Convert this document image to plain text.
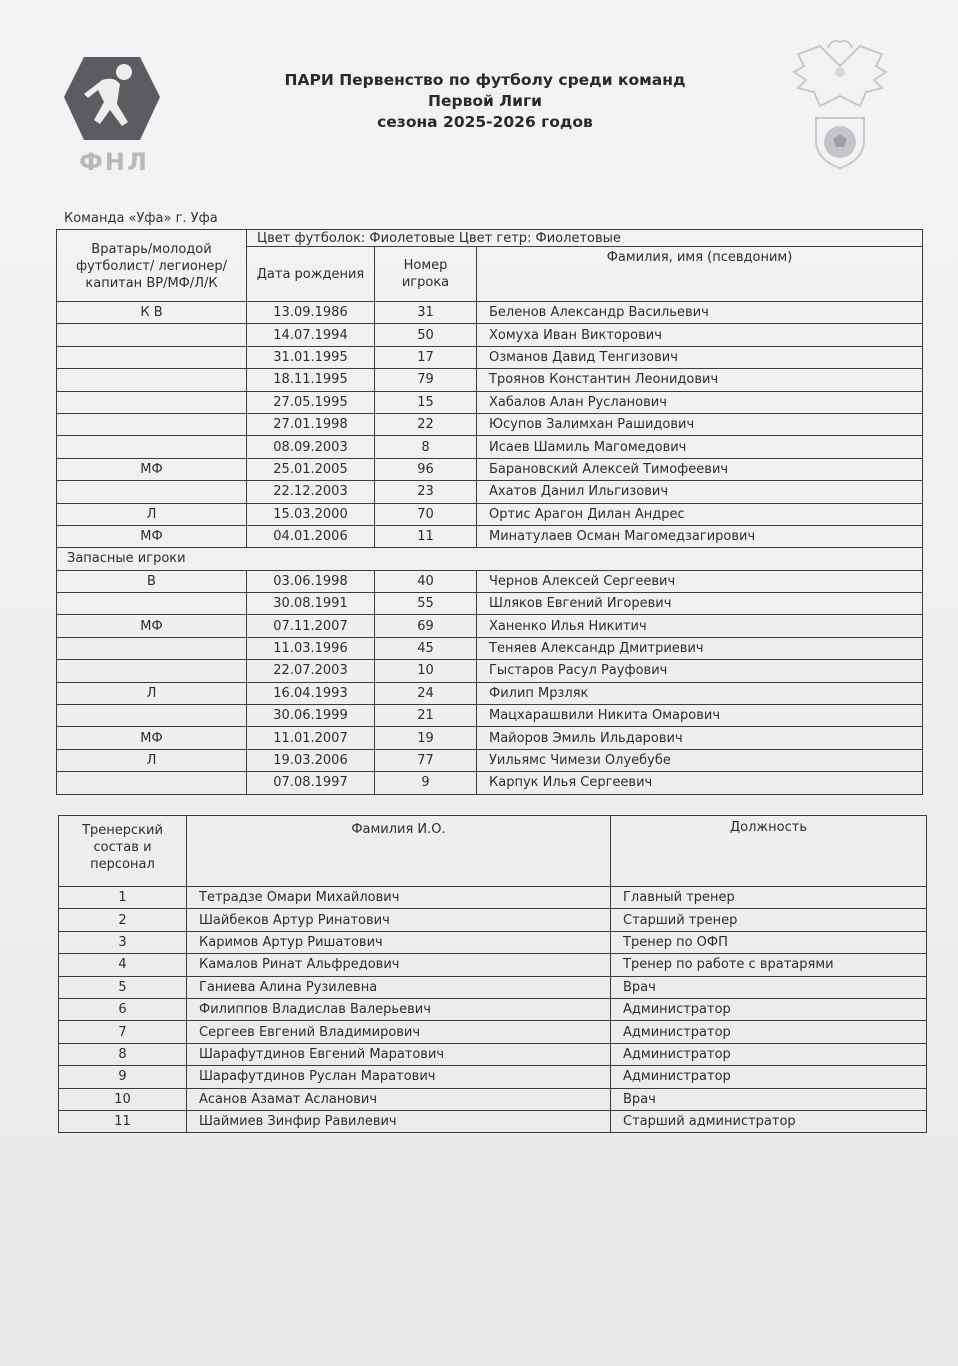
ФНЛ
ПАРИ Первенство по футболу среди команд
Первой Лиги
сезона 2025-2026 годов
Команда «Уфа» г. Уфа
Вратарь/молодой футболист/ легионер/капитан ВР/МФ/Л/К	Цвет футболок: Фиолетовые Цвет гетр: Фиолетовые		
	Дата рождения	Номер игрока	Фамилия, имя (псевдоним)
К В	13.09.1986	31	Беленов Александр Васильевич
	14.07.1994	50	Хомуха Иван Викторович
	31.01.1995	17	Озманов Давид Тенгизович
	18.11.1995	79	Троянов Константин Леонидович
	27.05.1995	15	Хабалов Алан Русланович
	27.01.1998	22	Юсупов Залимхан Рашидович
	08.09.2003	8	Исаев Шамиль Магомедович
МФ	25.01.2005	96	Барановский Алексей Тимофеевич
	22.12.2003	23	Ахатов Данил Ильгизович
Л	15.03.2000	70	Ортис Арагон Дилан Андрес
МФ	04.01.2006	11	Минатулаев Осман Магомедзагирович
Запасные игроки			
В	03.06.1998	40	Чернов Алексей Сергеевич
	30.08.1991	55	Шляков Евгений Игоревич
МФ	07.11.2007	69	Ханенко Илья Никитич
	11.03.1996	45	Теняев Александр Дмитриевич
	22.07.2003	10	Гыстаров Расул Рауфович
Л	16.04.1993	24	Филип Мрзляк
	30.06.1999	21	Мацхарашвили Никита Омарович
МФ	11.01.2007	19	Майоров Эмиль Ильдарович
Л	19.03.2006	77	Уильямс Чимези Олуебубе
	07.08.1997	9	Карпук Илья Сергеевич
Тренерский состав и персонал	Фамилия И.О.	Должность
1	Тетрадзе Омари Михайлович	Главный тренер
2	Шайбеков Артур Ринатович	Старший тренер
3	Каримов Артур Ришатович	Тренер по ОФП
4	Камалов Ринат Альфредович	Тренер по работе с вратарями
5	Ганиева Алина Рузилевна	Врач
6	Филиппов Владислав Валерьевич	Администратор
7	Сергеев Евгений Владимирович	Администратор
8	Шарафутдинов Евгений Маратович	Администратор
9	Шарафутдинов Руслан Маратович	Администратор
10	Асанов Азамат Асланович	Врач
11	Шаймиев Зинфир Равилевич	Старший администратор
